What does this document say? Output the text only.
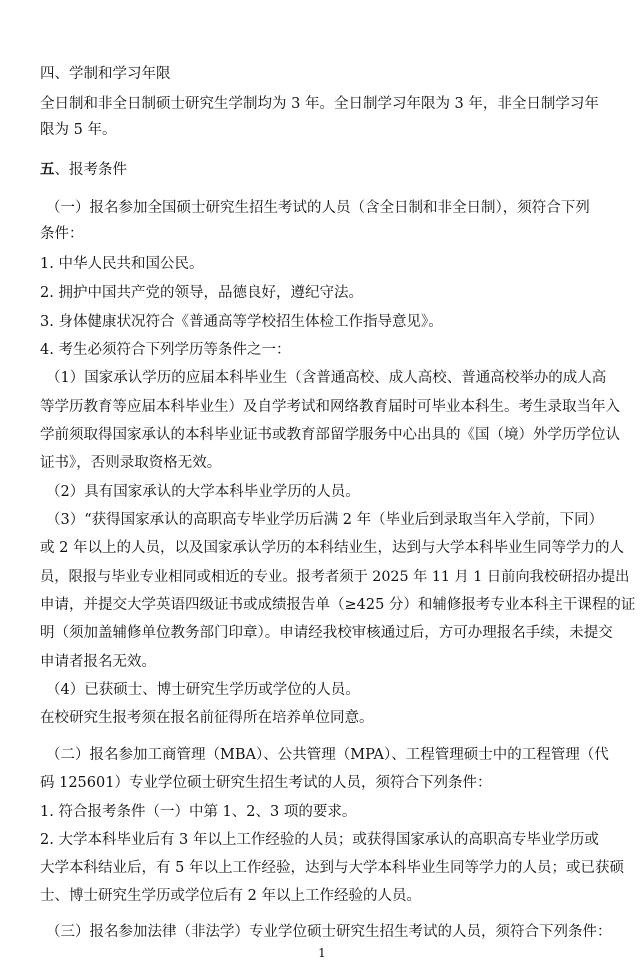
四、学制和学习年限
全日制和非全日制硕士研究生学制均为 3 年。全日制学习年限为 3 年，非全日制学习年
限为 5 年。
五、报考条件
（一）报名参加全国硕士研究生招生考试的人员（含全日制和非全日制），须符合下列
条件：
1. 中华人民共和国公民。
2. 拥护中国共产党的领导，品德良好，遵纪守法。
3. 身体健康状况符合《普通高等学校招生体检工作指导意见》。
4. 考生必须符合下列学历等条件之一：
（1）国家承认学历的应届本科毕业生（含普通高校、成人高校、普通高校举办的成人高
等学历教育等应届本科毕业生）及自学考试和网络教育届时可毕业本科生。考生录取当年入
学前须取得国家承认的本科毕业证书或教育部留学服务中心出具的《国（境）外学历学位认
证书》，否则录取资格无效。
（2）具有国家承认的大学本科毕业学历的人员。
（3）“获得国家承认的高职高专毕业学历后满 2 年（毕业后到录取当年入学前，下同）
或 2 年以上的人员，以及国家承认学历的本科结业生，达到与大学本科毕业生同等学力的人
员，限报与毕业专业相同或相近的专业。报考者须于 2025 年 11 月 1 日前向我校研招办提出
申请，并提交大学英语四级证书或成绩报告单（≥425 分）和辅修报考专业本科主干课程的证
明（须加盖辅修单位教务部门印章）。申请经我校审核通过后，方可办理报名手续，未提交
申请者报名无效。
（4）已获硕士、博士研究生学历或学位的人员。
在校研究生报考须在报名前征得所在培养单位同意。
（二）报名参加工商管理（MBA）、公共管理（MPA）、工程管理硕士中的工程管理（代
码 125601）专业学位硕士研究生招生考试的人员，须符合下列条件：
1. 符合报考条件（一）中第 1、2、3 项的要求。
2. 大学本科毕业后有 3 年以上工作经验的人员；或获得国家承认的高职高专毕业学历或
大学本科结业后，有 5 年以上工作经验，达到与大学本科毕业生同等学力的人员；或已获硕
士、博士研究生学历或学位后有 2 年以上工作经验的人员。
（三）报名参加法律（非法学）专业学位硕士研究生招生考试的人员，须符合下列条件：
1
